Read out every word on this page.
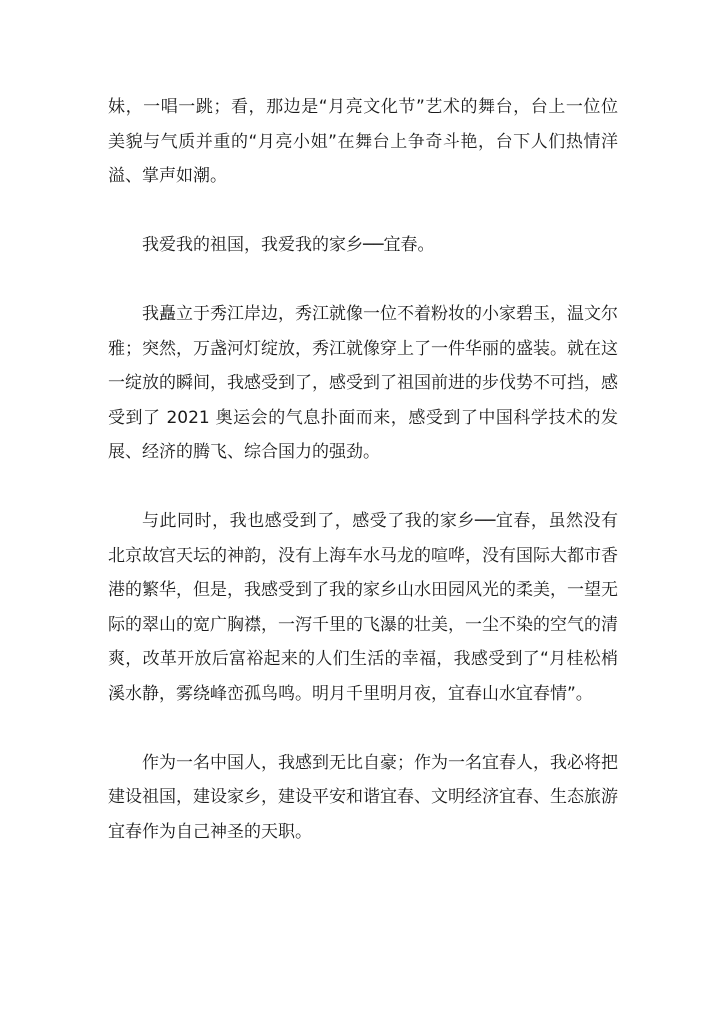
妹，一唱一跳；看，那边是“月亮文化节”艺术的舞台，台上一位位美貌与气质并重的“月亮小姐”在舞台上争奇斗艳，台下人们热情洋溢、掌声如潮。

我爱我的祖国，我爱我的家乡──宜春。

我矗立于秀江岸边，秀江就像一位不着粉妆的小家碧玉，温文尔雅；突然，万盏河灯绽放，秀江就像穿上了一件华丽的盛装。就在这一绽放的瞬间，我感受到了，感受到了祖国前进的步伐势不可挡，感受到了 2021 奥运会的气息扑面而来，感受到了中国科学技术的发展、经济的腾飞、综合国力的强劲。

与此同时，我也感受到了，感受了我的家乡──宜春，虽然没有北京故宫天坛的神韵，没有上海车水马龙的喧哗，没有国际大都市香港的繁华，但是，我感受到了我的家乡山水田园风光的柔美，一望无际的翠山的宽广胸襟，一泻千里的飞瀑的壮美，一尘不染的空气的清爽，改革开放后富裕起来的人们生活的幸福，我感受到了“月桂松梢溪水静，雾绕峰峦孤鸟鸣。明月千里明月夜，宜春山水宜春情”。

作为一名中国人，我感到无比自豪；作为一名宜春人，我必将把建设祖国，建设家乡，建设平安和谐宜春、文明经济宜春、生态旅游宜春作为自己神圣的天职。
